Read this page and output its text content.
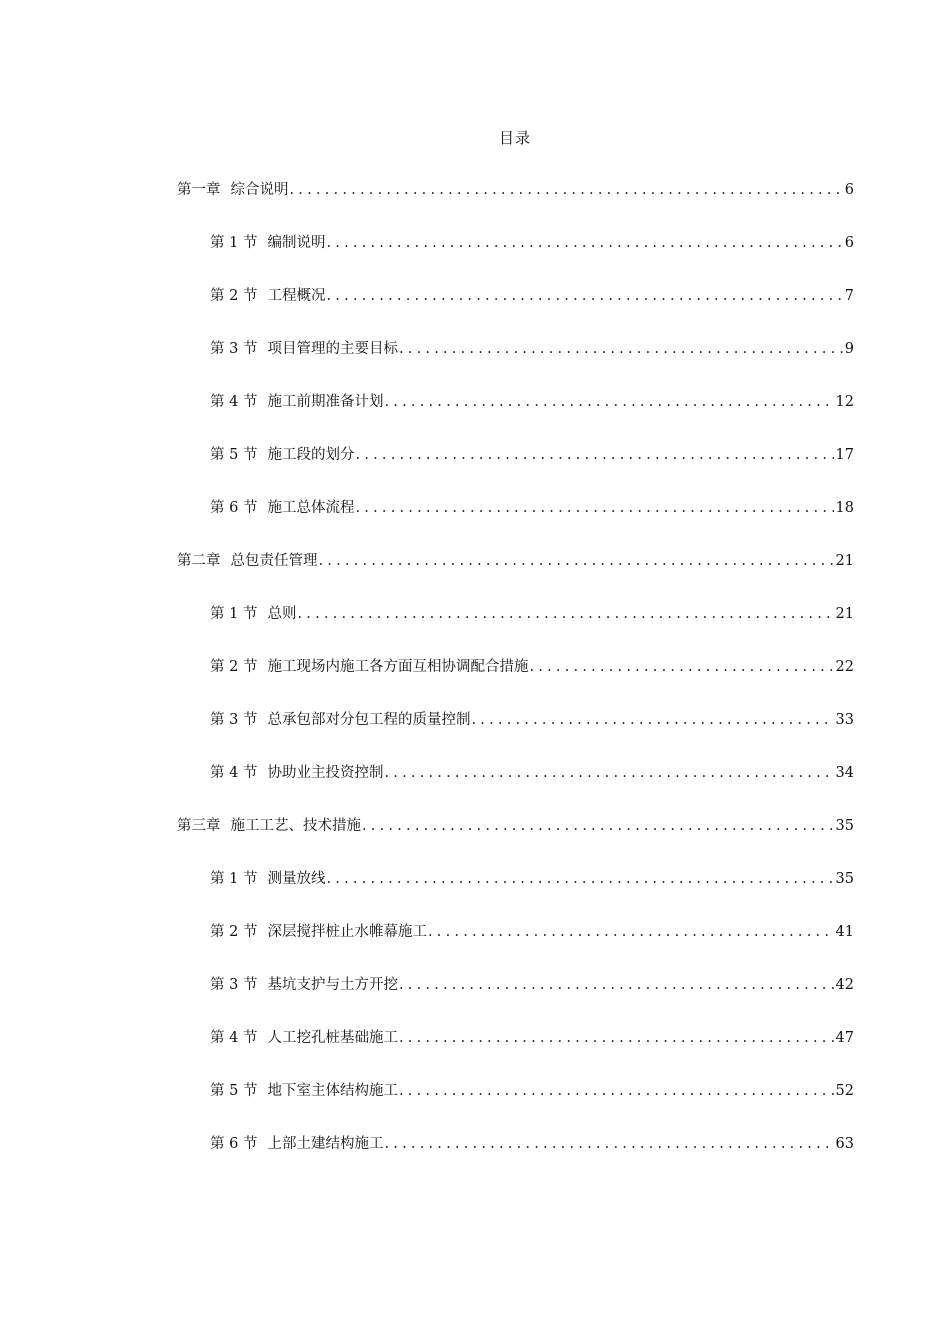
目录
第一章 综合说明 .....	6
第 1 节 编制说明 .....	6
第 2 节 工程概况 .....	7
第 3 节 项目管理的主要目标 .....	9
第 4 节 施工前期准备计划 .....	12
第 5 节 施工段的划分 .....	17
第 6 节 施工总体流程 .....	18
第二章 总包责任管理 .....	21
第 1 节 总则 .....	21
第 2 节 施工现场内施工各方面互相协调配合措施 .....	22
第 3 节 总承包部对分包工程的质量控制 .....	33
第 4 节 协助业主投资控制 .....	34
第三章 施工工艺、技术措施 .....	35
第 1 节 测量放线 .....	35
第 2 节 深层搅拌桩止水帷幕施工 .....	41
第 3 节 基坑支护与土方开挖 .....	42
第 4 节 人工挖孔桩基础施工 .....	47
第 5 节 地下室主体结构施工 .....	52
第 6 节 上部土建结构施工 .....	63
